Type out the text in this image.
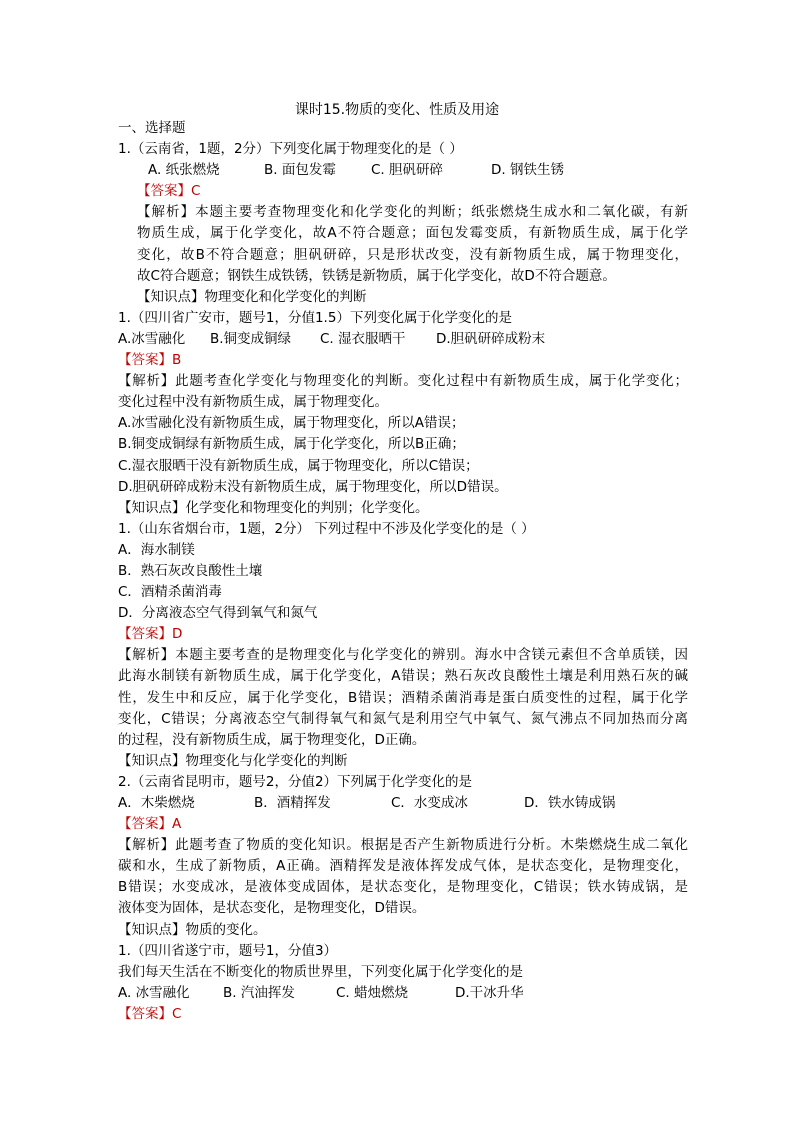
课时15.物质的变化、性质及用途
一、选择题
1.（云南省，1题，2分）下列变化属于物理变化的是（ ）
A. 纸张燃烧	B. 面包发霉	C. 胆矾研碎	D. 钢铁生锈
【答案】C
【解析】本题主要考查物理变化和化学变化的判断；纸张燃烧生成水和二氧化碳，有新
物质生成，属于化学变化，故A不符合题意；面包发霉变质，有新物质生成，属于化学
变化，故B不符合题意；胆矾研碎，只是形状改变，没有新物质生成，属于物理变化，
故C符合题意；钢铁生成铁锈，铁锈是新物质，属于化学变化，故D不符合题意。
【知识点】物理变化和化学变化的判断
1.（四川省广安市，题号1，分值1.5）下列变化属于化学变化的是
A.冰雪融化	B.铜变成铜绿	C. 湿衣服晒干	D.胆矾研碎成粉末
【答案】B
【解析】此题考查化学变化与物理变化的判断。变化过程中有新物质生成，属于化学变化；
变化过程中没有新物质生成，属于物理变化。
A.冰雪融化没有新物质生成，属于物理变化，所以A错误；
B.铜变成铜绿有新物质生成，属于化学变化，所以B正确；
C.湿衣服晒干没有新物质生成，属于物理变化，所以C错误；
D.胆矾研碎成粉末没有新物质生成，属于物理变化，所以D错误。
【知识点】化学变化和物理变化的判别；化学变化。
1.（山东省烟台市，1题，2分） 下列过程中不涉及化学变化的是（ ）
A．海水制镁
B．熟石灰改良酸性土壤
C．酒精杀菌消毒
D．分离液态空气得到氧气和氮气
【答案】D
【解析】本题主要考查的是物理变化与化学变化的辨别。海水中含镁元素但不含单质镁，因
此海水制镁有新物质生成，属于化学变化，A错误；熟石灰改良酸性土壤是利用熟石灰的碱
性，发生中和反应，属于化学变化，B错误；酒精杀菌消毒是蛋白质变性的过程，属于化学
变化，C错误；分离液态空气制得氧气和氮气是利用空气中氧气、氮气沸点不同加热而分离
的过程，没有新物质生成，属于物理变化，D正确。
【知识点】物理变化与化学变化的判断
2.（云南省昆明市，题号2，分值2）下列属于化学变化的是
A．木柴燃烧	B．酒精挥发	C．水变成冰	D．铁水铸成锅
【答案】A
【解析】此题考查了物质的变化知识。根据是否产生新物质进行分析。木柴燃烧生成二氧化
碳和水，生成了新物质，A正确。酒精挥发是液体挥发成气体，是状态变化，是物理变化，
B错误；水变成冰，是液体变成固体，是状态变化，是物理变化，C错误；铁水铸成锅，是
液体变为固体，是状态变化，是物理变化，D错误。
【知识点】物质的变化。
1.（四川省遂宁市，题号1，分值3）
我们每天生活在不断变化的物质世界里，下列变化属于化学变化的是
A. 冰雪融化	B. 汽油挥发	C. 蜡烛燃烧	D.干冰升华
【答案】C
